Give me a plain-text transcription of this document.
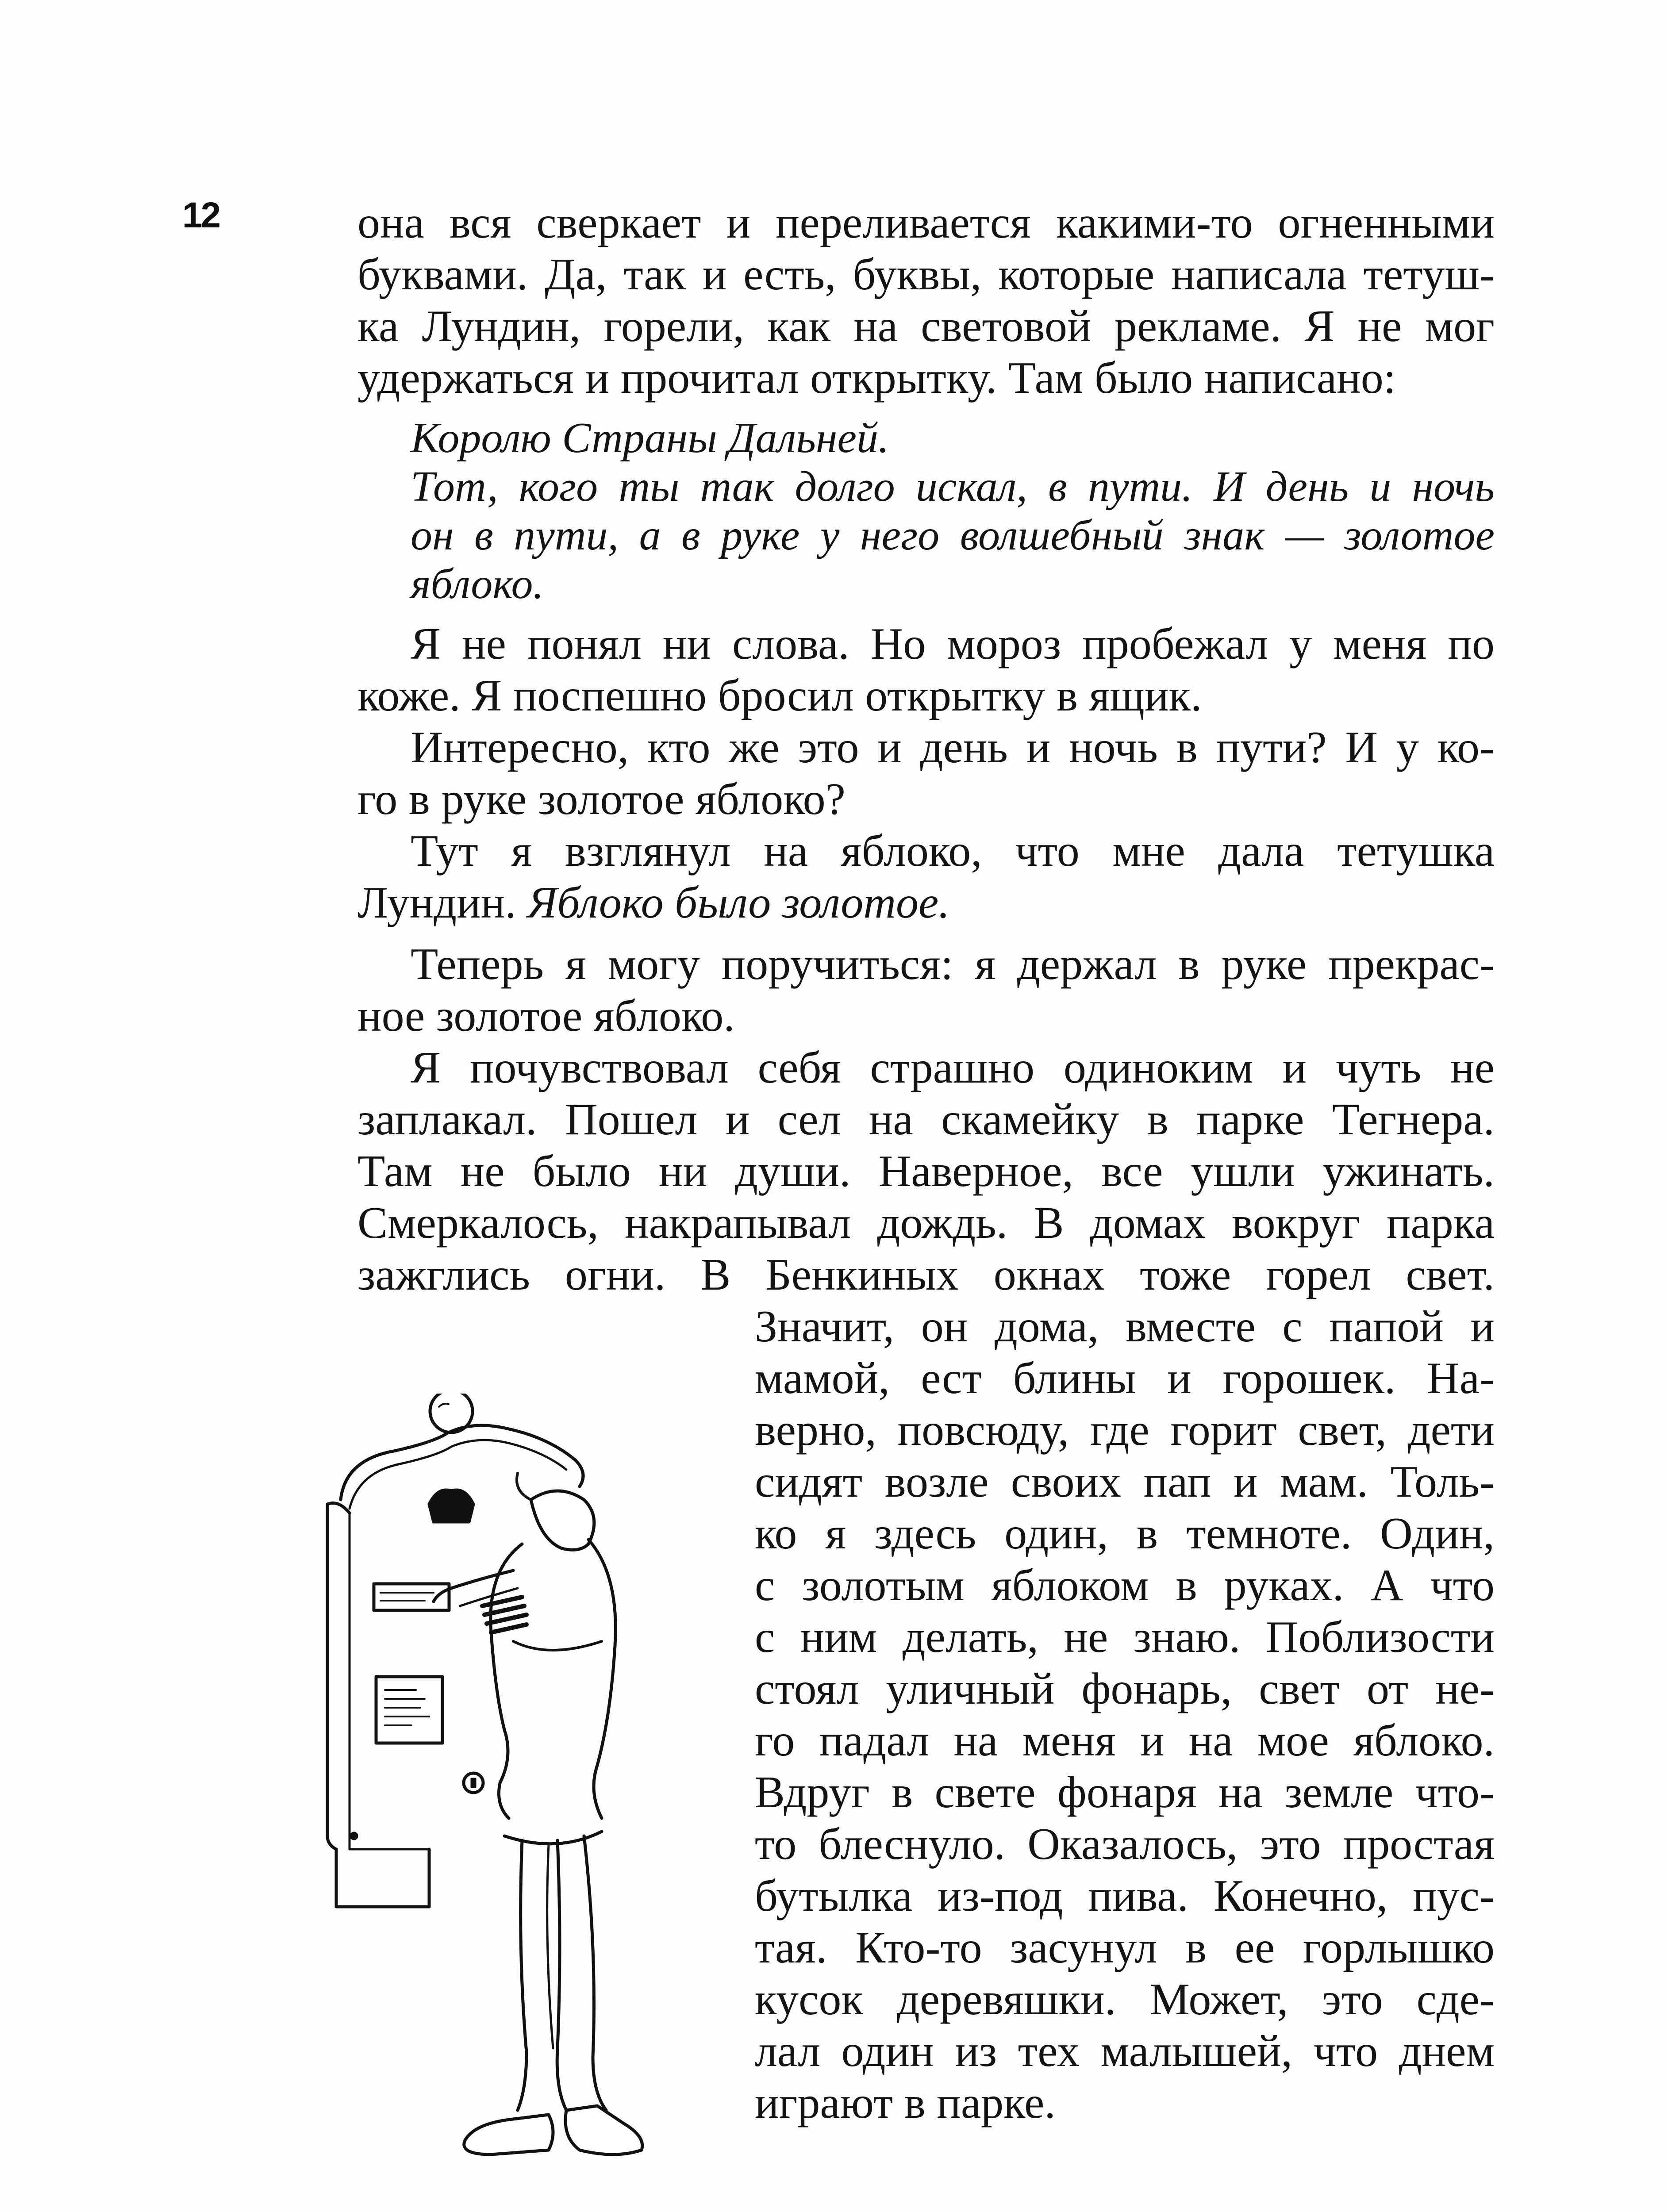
12	она вся сверкает и переливается какими-то огненными
буквами. Да, так и есть, буквы, которые написала тетуш-
ка Лундин, горели, как на световой рекламе. Я не мог
удержаться и прочитал открытку. Там было написано:
Королю Страны Дальней.
Тот, кого ты так долго искал, в пути. И день и ночь
он в пути, а в руке у него волшебный знак — золотое
яблоко.
Я не понял ни слова. Но мороз пробежал у меня по
коже. Я поспешно бросил открытку в ящик.
Интересно, кто же это и день и ночь в пути? И у ко-
го в руке золотое яблоко?
Тут я взглянул на яблоко, что мне дала тетушка
Лундин. Яблоко было золотое.
Теперь я могу поручиться: я держал в руке прекрас-
ное золотое яблоко.
Я почувствовал себя страшно одиноким и чуть не
заплакал. Пошел и сел на скамейку в парке Тегнера.
Там не было ни души. Наверное, все ушли ужинать.
Смеркалось, накрапывал дождь. В домах вокруг парка
зажглись огни. В Бенкиных окнах тоже горел свет.
Значит, он дома, вместе с папой и
мамой, ест блины и горошек. На-
верно, повсюду, где горит свет, дети
сидят возле своих пап и мам. Толь-
ко я здесь один, в темноте. Один,
с золотым яблоком в руках. А что
с ним делать, не знаю. Поблизости
стоял уличный фонарь, свет от не-
го падал на меня и на мое яблоко.
Вдруг в свете фонаря на земле что-
то блеснуло. Оказалось, это простая
бутылка из-под пива. Конечно, пус-
тая. Кто-то засунул в ее горлышко
кусок деревяшки. Может, это сде-
лал один из тех малышей, что днем
играют в парке.
